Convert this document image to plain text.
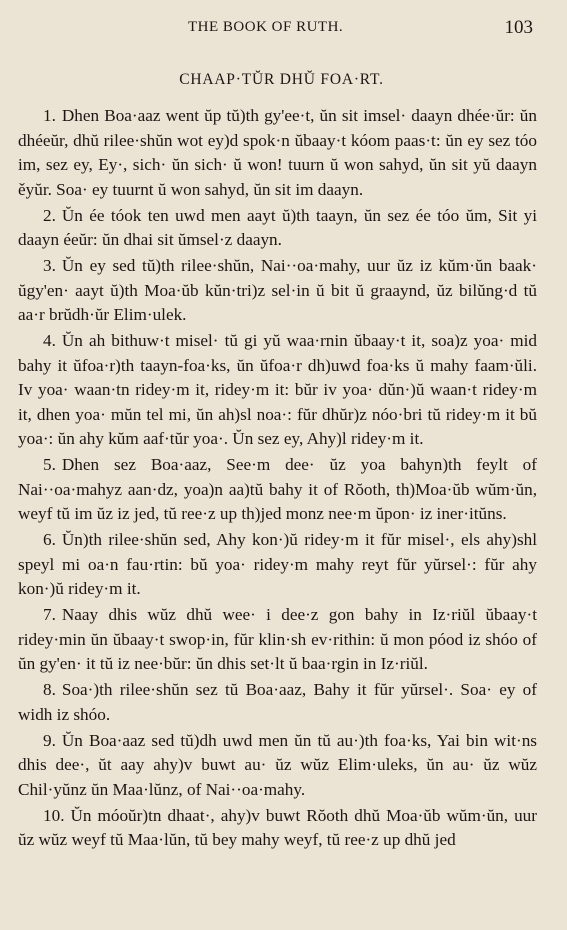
THE BOOK OF RUTH.	103
CHAAP·TŬR DHŬ FOA·RT.

1. Dhen Boa·aaz went ŭp tŭ)th gy'ee·t, ŭn sit imsel· daayn dhée·ŭr: ŭn dhéeŭr, dhŭ rilee·shŭn wot ey)d spok·n ŭbaay·t kóom paas·t: ŭn ey sez tóo im, sez ey, Ey·, sich· ŭn sich· ŭ won! tuurn ŭ won sahyd, ŭn sit yŭ daayn ěyŭr. Soa· ey tuurnt ŭ won sahyd, ŭn sit im daayn.

2. Ŭn ée tóok ten uwd men aayt ŭ)th taayn, ŭn sez ée tóo ŭm, Sit yi daayn éeŭr: ŭn dhai sit ŭmsel·z daayn.

3. Ŭn ey sed tŭ)th rilee·shŭn, Nai··oa·mahy, uur ŭz iz kŭm·ŭn baak· ŭgy'en· aayt ŭ)th Moa·ŭb kŭn·tri)z sel·in ŭ bit ŭ graaynd, ŭz bilŭng·d tŭ aa·r brŭdh·ŭr Elim·ulek.

4. Ŭn ah bithuw·t misel· tŭ gi yŭ waa·rnin ŭbaay·t it, soa)z yoa· mid bahy it ŭfoa·r)th taayn-foa·ks, ŭn ŭfoa·r dh)uwd foa·ks ŭ mahy faam·ŭli. Iv yoa· waan·tn ridey·m it, ridey·m it: bŭr iv yoa· dŭn·)ŭ waan·t ridey·m it, dhen yoa· mŭn tel mi, ŭn ah)sl noa·: fŭr dhŭr)z nóo·bri tŭ ridey·m it bŭ yoa·: ŭn ahy kŭm aaf·tŭr yoa·. Ŭn sez ey, Ahy)l ridey·m it.

5. Dhen sez Boa·aaz, See·m dee· ŭz yoa bahyn)th feylt of Nai··oa·mahyz aan·dz, yoa)n aa)tŭ bahy it of Rŏoth, th)Moa·ŭb wŭm·ŭn, weyf tŭ im ŭz iz jed, tŭ ree·z up th)jed monz nee·m ŭpon· iz iner·itŭns.

6. Ŭn)th rilee·shŭn sed, Ahy kon·)ŭ ridey·m it fŭr misel·, els ahy)shl speyl mi oa·n fau·rtin: bŭ yoa· ridey·m mahy reyt fŭr yŭrsel·: fŭr ahy kon·)ŭ ridey·m it.

7. Naay dhis wŭz dhŭ wee· i dee·z gon bahy in Iz·riŭl ŭbaay·t ridey·min ŭn ŭbaay·t swop·in, fŭr klin·sh ev·rithin: ŭ mon póod iz shóo of ŭn gy'en· it tŭ iz nee·bŭr: ŭn dhis set·lt ŭ baa·rgin in Iz·riŭl.

8. Soa·)th rilee·shŭn sez tŭ Boa·aaz, Bahy it fŭr yŭrsel·. Soa· ey of widh iz shóo.

9. Ŭn Boa·aaz sed tŭ)dh uwd men ŭn tŭ au·)th foa·ks, Yai bin wit·ns dhis dee·, ŭt aay ahy)v buwt au· ŭz wŭz Elim·uleks, ŭn au· ŭz wŭz Chil·yŭnz ŭn Maa·lŭnz, of Nai··oa·mahy.

10. Ŭn móoŭr)tn dhaat·, ahy)v buwt Rŏoth dhŭ Moa·ŭb wŭm·ŭn, uur ŭz wŭz weyf tŭ Maa·lŭn, tŭ bey mahy weyf, tŭ ree·z up dhŭ jed
